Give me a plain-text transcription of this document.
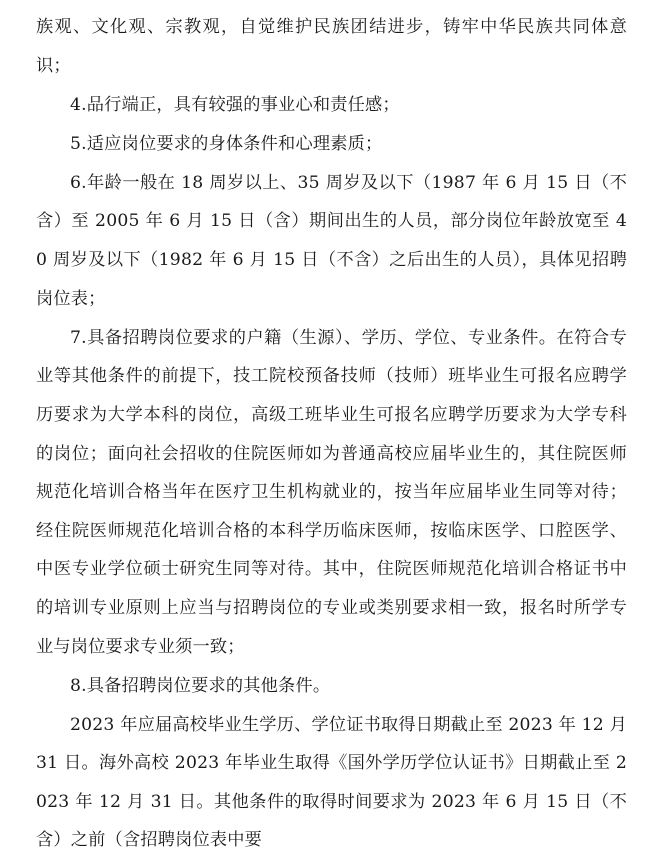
族观、文化观、宗教观，自觉维护民族团结进步，铸牢中华民族共同体意识；

4.品行端正，具有较强的事业心和责任感；

5.适应岗位要求的身体条件和心理素质；

6.年龄一般在 18 周岁以上、35 周岁及以下（1987 年 6 月 15 日（不含）至 2005 年 6 月 15 日（含）期间出生的人员，部分岗位年龄放宽至 40 周岁及以下（1982 年 6 月 15 日（不含）之后出生的人员），具体见招聘岗位表；

7.具备招聘岗位要求的户籍（生源）、学历、学位、专业条件。在符合专业等其他条件的前提下，技工院校预备技师（技师）班毕业生可报名应聘学历要求为大学本科的岗位，高级工班毕业生可报名应聘学历要求为大学专科的岗位；面向社会招收的住院医师如为普通高校应届毕业生的，其住院医师规范化培训合格当年在医疗卫生机构就业的，按当年应届毕业生同等对待；经住院医师规范化培训合格的本科学历临床医师，按临床医学、口腔医学、中医专业学位硕士研究生同等对待。其中，住院医师规范化培训合格证书中的培训专业原则上应当与招聘岗位的专业或类别要求相一致，报名时所学专业与岗位要求专业须一致；

8.具备招聘岗位要求的其他条件。

2023 年应届高校毕业生学历、学位证书取得日期截止至 2023 年 12 月 31 日。海外高校 2023 年毕业生取得《国外学历学位认证书》日期截止至 2023 年 12 月 31 日。其他条件的取得时间要求为 2023 年 6 月 15 日（不含）之前（含招聘岗位表中要
